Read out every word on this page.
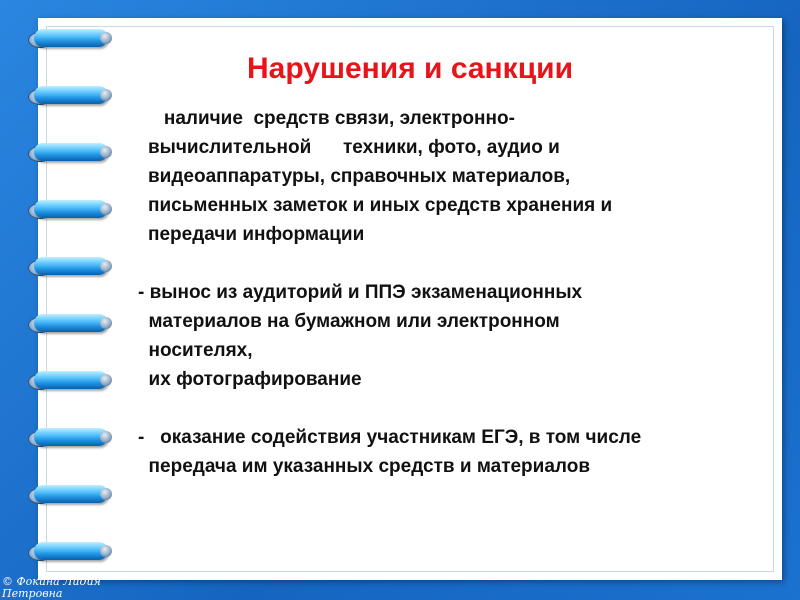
Нарушения и санкции
наличие  средств связи, электронно-
вычислительной      техники, фото, аудио и
видеоаппаратуры, справочных материалов,
письменных заметок и иных средств хранения и
передачи информации
- вынос из аудиторий и ППЭ экзаменационных
материалов на бумажном или электронном
носителях,
их фотографирование
-   оказание содействия участникам ЕГЭ, в том числе
передача им указанных средств и материалов
© Фокина Лидия Петровна
